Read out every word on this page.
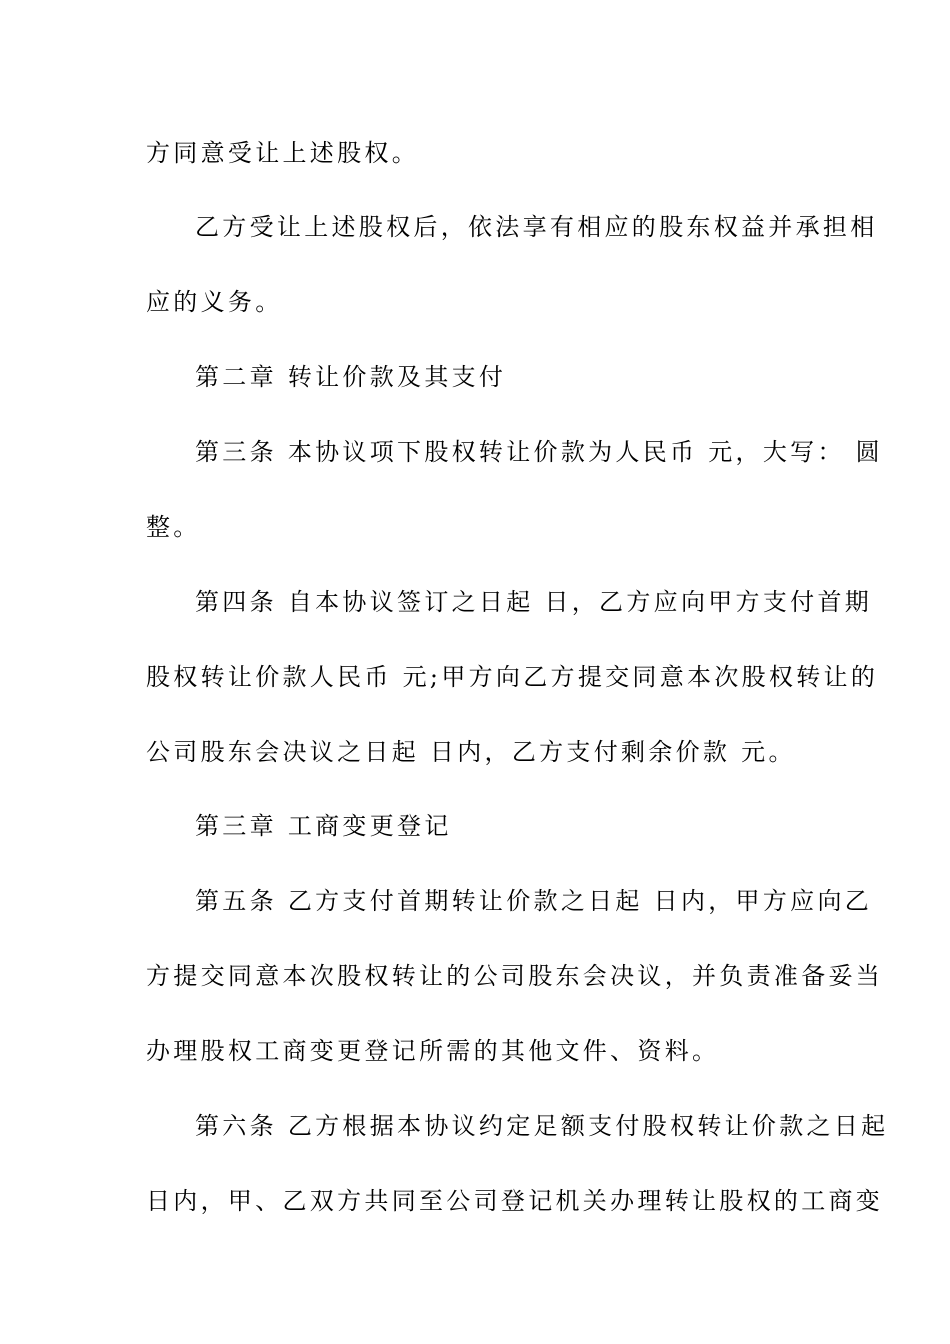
方同意受让上述股权。
乙方受让上述股权后，依法享有相应的股东权益并承担相
应的义务。
第二章 转让价款及其支付
第三条 本协议项下股权转让价款为人民币 元，大写： 圆
整。
第四条 自本协议签订之日起 日，乙方应向甲方支付首期
股权转让价款人民币 元;甲方向乙方提交同意本次股权转让的
公司股东会决议之日起 日内，乙方支付剩余价款 元。
第三章 工商变更登记
第五条 乙方支付首期转让价款之日起 日内，甲方应向乙
方提交同意本次股权转让的公司股东会决议，并负责准备妥当
办理股权工商变更登记所需的其他文件、资料。
第六条 乙方根据本协议约定足额支付股权转让价款之日起
日内，甲、乙双方共同至公司登记机关办理转让股权的工商变
